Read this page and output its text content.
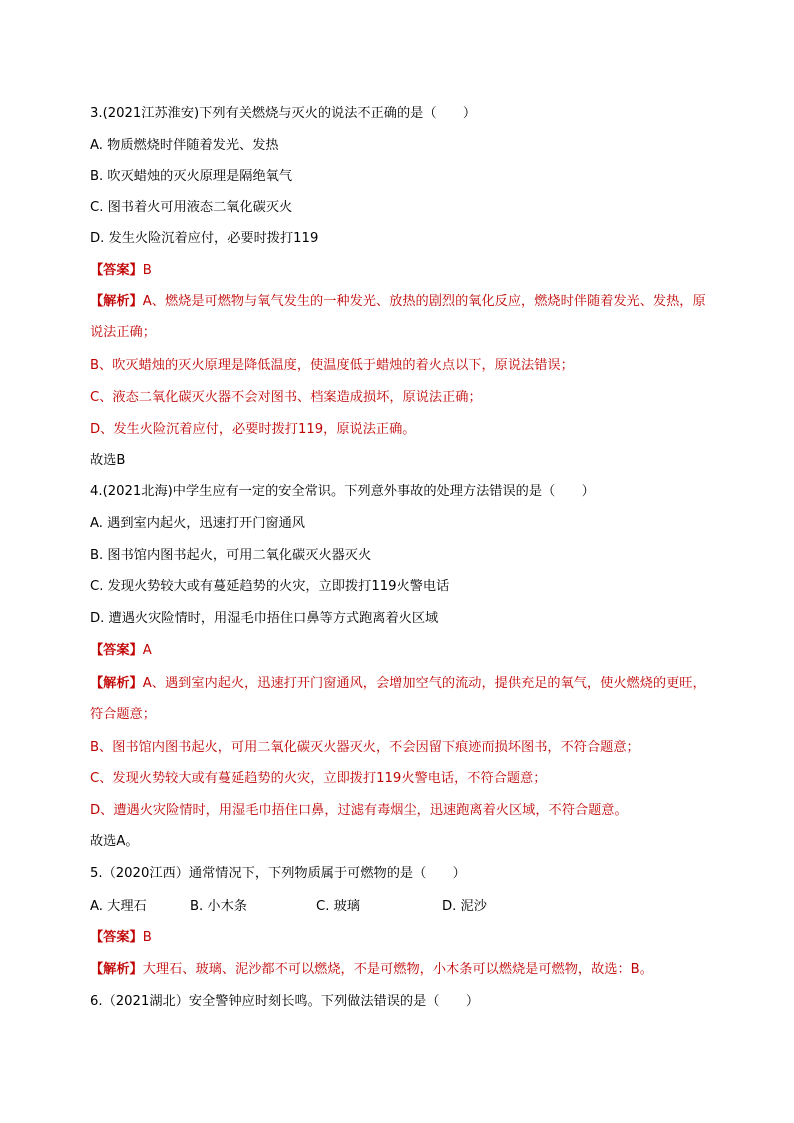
3.(2021江苏淮安)下列有关燃烧与灭火的说法不正确的是（　　）
A. 物质燃烧时伴随着发光、发热
B. 吹灭蜡烛的灭火原理是隔绝氧气
C. 图书着火可用液态二氧化碳灭火
D. 发生火险沉着应付，必要时拨打119
【答案】B
【解析】A、燃烧是可燃物与氧气发生的一种发光、放热的剧烈的氧化反应，燃烧时伴随着发光、发热，原
说法正确；
B、吹灭蜡烛的灭火原理是降低温度，使温度低于蜡烛的着火点以下，原说法错误；
C、液态二氧化碳灭火器不会对图书、档案造成损坏，原说法正确；
D、发生火险沉着应付，必要时拨打119，原说法正确。
故选B
4.(2021北海)中学生应有一定的安全常识。下列意外事故的处理方法错误的是（　　）
A. 遇到室内起火，迅速打开门窗通风
B. 图书馆内图书起火，可用二氧化碳灭火器灭火
C. 发现火势较大或有蔓延趋势的火灾，立即拨打119火警电话
D. 遭遇火灾险情时，用湿毛巾捂住口鼻等方式跑离着火区域
【答案】A
【解析】A、遇到室内起火，迅速打开门窗通风，会增加空气的流动，提供充足的氧气，使火燃烧的更旺，
符合题意；
B、图书馆内图书起火，可用二氧化碳灭火器灭火，不会因留下痕迹而损坏图书，不符合题意；
C、发现火势较大或有蔓延趋势的火灾，立即拨打119火警电话，不符合题意；
D、遭遇火灾险情时，用湿毛巾捂住口鼻，过滤有毒烟尘，迅速跑离着火区域，不符合题意。
故选A。
5.（2020江西）通常情况下，下列物质属于可燃物的是（　　）
A. 大理石	B. 小木条	C. 玻璃	D. 泥沙
【答案】B
【解析】大理石、玻璃、泥沙都不可以燃烧，不是可燃物，小木条可以燃烧是可燃物，故选：B。
6.（2021湖北）安全警钟应时刻长鸣。下列做法错误的是（　　）
